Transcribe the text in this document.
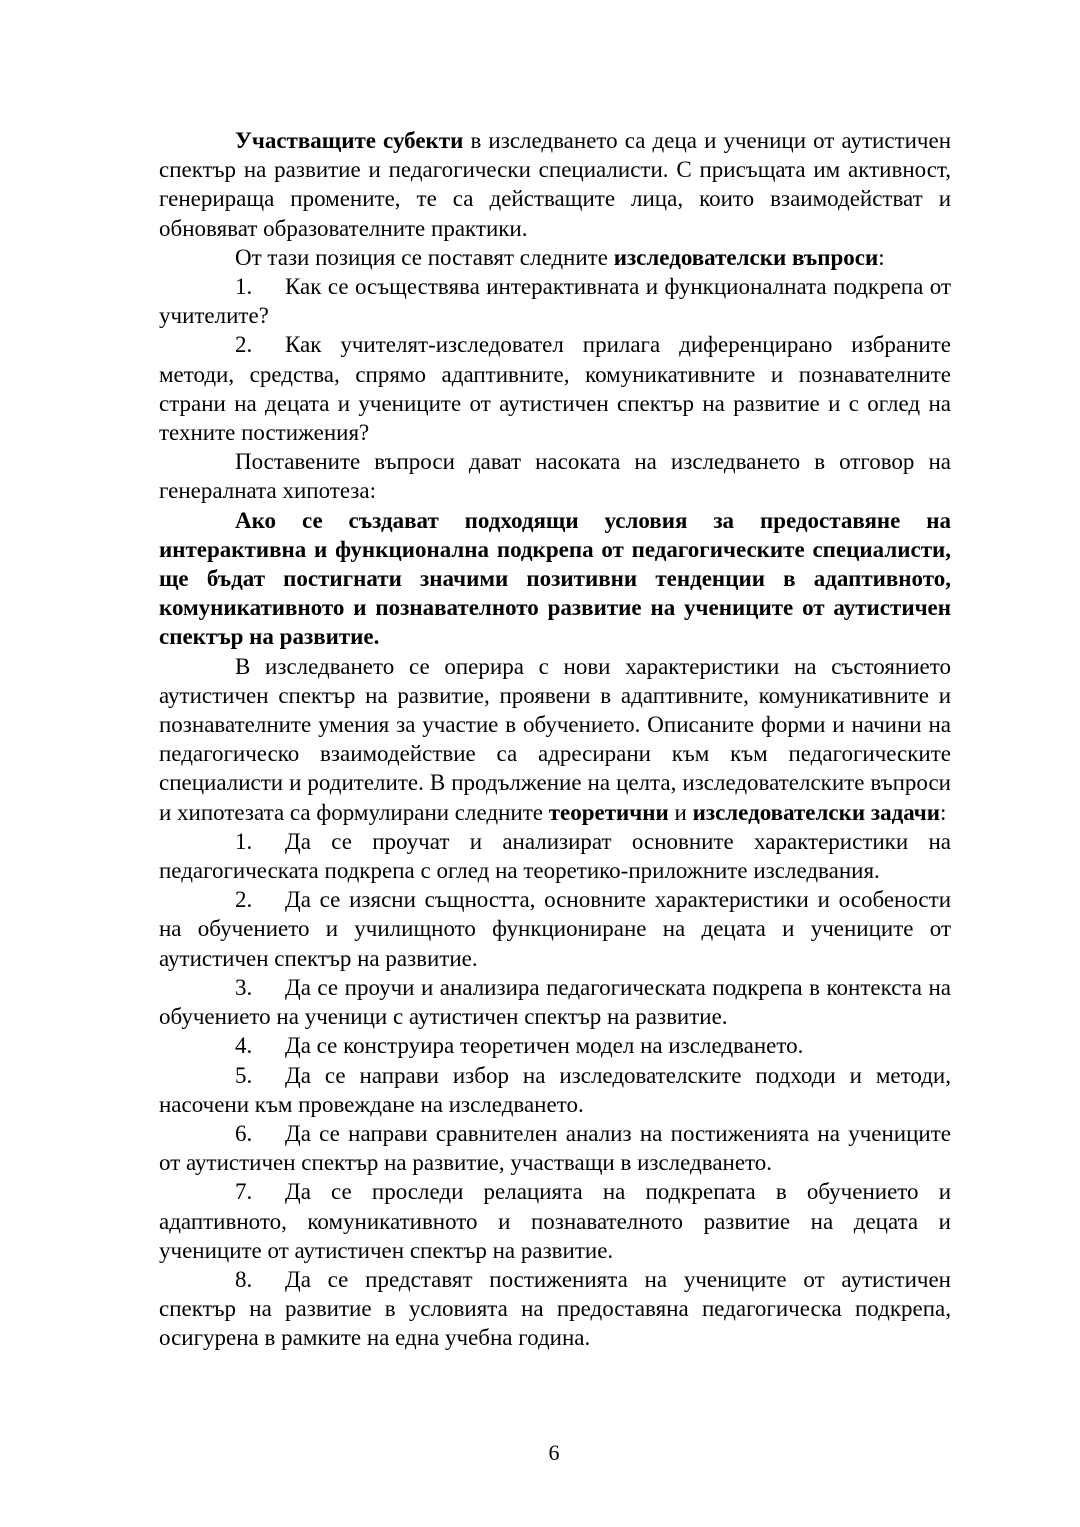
Участващите субекти в изследването са деца и ученици от аутистичен спектър на развитие и педагогически специалисти. С присъщата им активност, генерираща промените, те са действащите лица, които взаимодействат и обновяват образователните практики.

От тази позиция се поставят следните изследователски въпроси:

1. Как се осъществява интерактивната и функционалната подкрепа от учителите?

2. Как учителят-изследовател прилага диференцирано избраните методи, средства, спрямо адаптивните, комуникативните и познавателните страни на децата и учениците от аутистичен спектър на развитие и с оглед на техните постижения?

Поставените въпроси дават насоката на изследването в отговор на генералната хипотеза:

Ако се създават подходящи условия за предоставяне на интерактивна и функционална подкрепа от педагогическите специалисти, ще бъдат постигнати значими позитивни тенденции в адаптивното, комуникативното и познавателното развитие на учениците от аутистичен спектър на развитие.

В изследването се оперира с нови характеристики на състоянието аутистичен спектър на развитие, проявени в адаптивните, комуникативните и познавателните умения за участие в обучението. Описаните форми и начини на педагогическо взаимодействие са адресирани към към педагогическите специалисти и родителите. В продължение на целта, изследователските въпроси и хипотезата са формулирани следните теоретични и изследователски задачи:

1. Да се проучат и анализират основните характеристики на педагогическата подкрепа с оглед на теоретико-приложните изследвания.

2. Да се изясни същността, основните характеристики и особености на обучението и училищното функциониране на децата и учениците от аутистичен спектър на развитие.

3. Да се проучи и анализира педагогическата подкрепа в контекста на обучението на ученици с аутистичен спектър на развитие.

4. Да се конструира теоретичен модел на изследването.

5. Да се направи избор на изследователските подходи и методи, насочени към провеждане на изследването.

6. Да се направи сравнителен анализ на постиженията на учениците от аутистичен спектър на развитие, участващи в изследването.

7. Да се проследи релацията на подкрепата в обучението и адаптивното, комуникативното и познавателното развитие на децата и учениците от аутистичен спектър на развитие.

8. Да се представят постиженията на учениците от аутистичен спектър на развитие в условията на предоставяна педагогическа подкрепа, осигурена в рамките на една учебна година.

6
